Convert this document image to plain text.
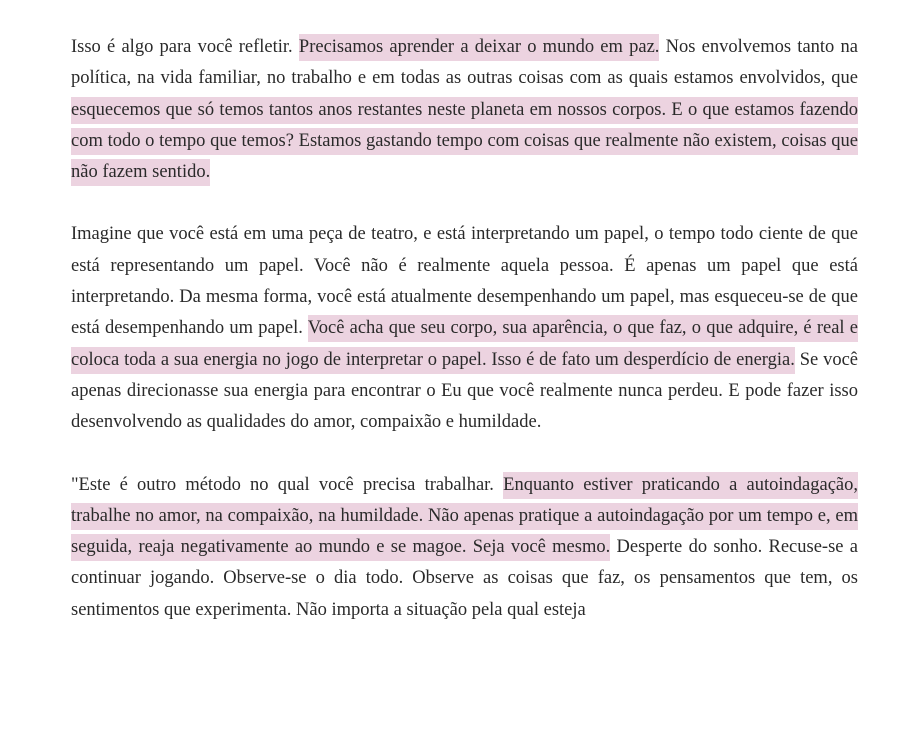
Isso é algo para você refletir. Precisamos aprender a deixar o mundo em paz. Nos envolvemos tanto na política, na vida familiar, no trabalho e em todas as outras coisas com as quais estamos envolvidos, que esquecemos que só temos tantos anos restantes neste planeta em nossos corpos. E o que estamos fazendo com todo o tempo que temos? Estamos gastando tempo com coisas que realmente não existem, coisas que não fazem sentido.

Imagine que você está em uma peça de teatro, e está interpretando um papel, o tempo todo ciente de que está representando um papel. Você não é realmente aquela pessoa. É apenas um papel que está interpretando. Da mesma forma, você está atualmente desempenhando um papel, mas esqueceu-se de que está desempenhando um papel. Você acha que seu corpo, sua aparência, o que faz, o que adquire, é real e coloca toda a sua energia no jogo de interpretar o papel. Isso é de fato um desperdício de energia. Se você apenas direcionasse sua energia para encontrar o Eu que você realmente nunca perdeu. E pode fazer isso desenvolvendo as qualidades do amor, compaixão e humildade.

"Este é outro método no qual você precisa trabalhar. Enquanto estiver praticando a autoindagação, trabalhe no amor, na compaixão, na humildade. Não apenas pratique a autoindagação por um tempo e, em seguida, reaja negativamente ao mundo e se magoe. Seja você mesmo. Desperte do sonho. Recuse-se a continuar jogando. Observe-se o dia todo. Observe as coisas que faz, os pensamentos que tem, os sentimentos que experimenta. Não importa a situação pela qual esteja
